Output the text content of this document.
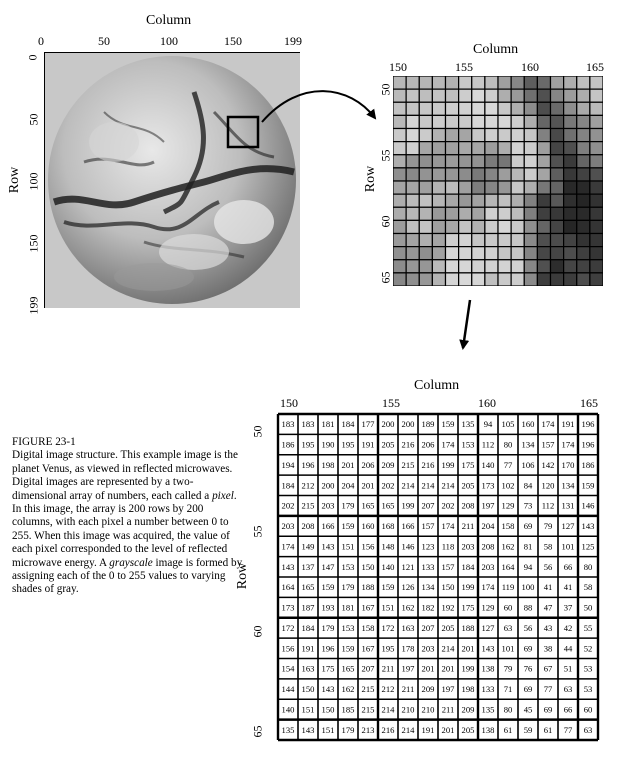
Column
0	50	100	150	199
Row
0
50
100
150
199
Column
150	155	160	165
Row
50
55
60
65

FIGURE 23-1

Digital image structure. This example image is the planet Venus, as viewed in reflected microwaves. Digital images are represented by a two-dimensional array of numbers, each called a pixel. In this image, the array is 200 rows by 200 columns, with each pixel a number between 0 to 255. When this image was acquired, the value of each pixel corresponded to the level of reflected microwave energy. A grayscale image is formed by assigning each of the 0 to 255 values to varying shades of gray.

Column
150	155	160	165
Row
50
55
60
65
183 183 181 184 177 200 200 189 159 135 94 105 160 174 191 196
186 195 190 195 191 205 216 206 174 153 112 80 134 157 174 196
194 196 198 201 206 209 215 216 199 175 140 77 106 142 170 186
184 212 200 204 201 202 214 214 214 205 173 102 84 120 134 159
202 215 203 179 165 165 199 207 202 208 197 129 73 112 131 146
203 208 166 159 160 168 166 157 174 211 204 158 69 79 127 143
174 149 143 151 156 148 146 123 118 203 208 162 81 58 101 125
143 137 147 153 150 140 121 133 157 184 203 164 94 56 66 80
164 165 159 179 188 159 126 134 150 199 174 119 100 41 41 58
173 187 193 181 167 151 162 182 192 175 129 60 88 47 37 50
172 184 179 153 158 172 163 207 205 188 127 63 56 43 42 55
156 191 196 159 167 195 178 203 214 201 143 101 69 38 44 52
154 163 175 165 207 211 197 201 201 199 138 79 76 67 51 53
144 150 143 162 215 212 211 209 197 198 133 71 69 77 63 53
140 151 150 185 215 214 210 210 211 209 135 80 45 69 66 60
135 143 151 179 213 216 214 191 201 205 138 61 59 61 77 63
